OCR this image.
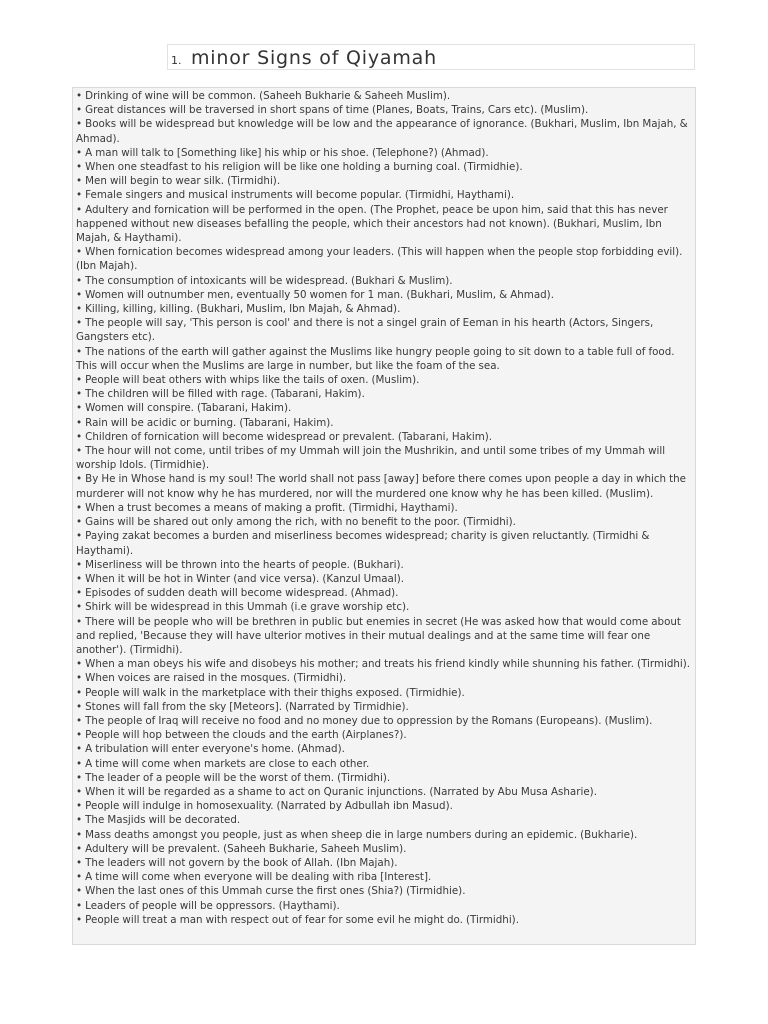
1. minor Signs of Qiyamah
• Drinking of wine will be common. (Saheeh Bukharie & Saheeh Muslim).
• Great distances will be traversed in short spans of time (Planes, Boats, Trains, Cars etc). (Muslim).
• Books will be widespread but knowledge will be low and the appearance of ignorance. (Bukhari, Muslim, Ibn Majah, & Ahmad).
• A man will talk to [Something like] his whip or his shoe. (Telephone?) (Ahmad).
• When one steadfast to his religion will be like one holding a burning coal. (Tirmidhie).
• Men will begin to wear silk. (Tirmidhi).
• Female singers and musical instruments will become popular. (Tirmidhi, Haythami).
• Adultery and fornication will be performed in the open. (The Prophet, peace be upon him, said that this has never happened without new diseases befalling the people, which their ancestors had not known). (Bukhari, Muslim, Ibn Majah, & Haythami).
• When fornication becomes widespread among your leaders. (This will happen when the people stop forbidding evil). (Ibn Majah).
• The consumption of intoxicants will be widespread. (Bukhari & Muslim).
• Women will outnumber men, eventually 50 women for 1 man. (Bukhari, Muslim, & Ahmad).
• Killing, killing, killing. (Bukhari, Muslim, Ibn Majah, & Ahmad).
• The people will say, 'This person is cool' and there is not a singel grain of Eeman in his hearth (Actors, Singers, Gangsters etc).
• The nations of the earth will gather against the Muslims like hungry people going to sit down to a table full of food. This will occur when the Muslims are large in number, but like the foam of the sea.
• People will beat others with whips like the tails of oxen. (Muslim).
• The children will be filled with rage. (Tabarani, Hakim).
• Women will conspire. (Tabarani, Hakim).
• Rain will be acidic or burning. (Tabarani, Hakim).
• Children of fornication will become widespread or prevalent. (Tabarani, Hakim).
• The hour will not come, until tribes of my Ummah will join the Mushrikin, and until some tribes of my Ummah will worship Idols. (Tirmidhie).
• By He in Whose hand is my soul! The world shall not pass [away] before there comes upon people a day in which the murderer will not know why he has murdered, nor will the murdered one know why he has been killed. (Muslim).
• When a trust becomes a means of making a profit. (Tirmidhi, Haythami).
• Gains will be shared out only among the rich, with no benefit to the poor. (Tirmidhi).
• Paying zakat becomes a burden and miserliness becomes widespread; charity is given reluctantly. (Tirmidhi & Haythami).
• Miserliness will be thrown into the hearts of people. (Bukhari).
• When it will be hot in Winter (and vice versa). (Kanzul Umaal).
• Episodes of sudden death will become widespread. (Ahmad).
• Shirk will be widespread in this Ummah (i.e grave worship etc).
• There will be people who will be brethren in public but enemies in secret (He was asked how that would come about and replied, 'Because they will have ulterior motives in their mutual dealings and at the same time will fear one another'). (Tirmidhi).
• When a man obeys his wife and disobeys his mother; and treats his friend kindly while shunning his father. (Tirmidhi).
• When voices are raised in the mosques. (Tirmidhi).
• People will walk in the marketplace with their thighs exposed. (Tirmidhie).
• Stones will fall from the sky [Meteors]. (Narrated by Tirmidhie).
• The people of Iraq will receive no food and no money due to oppression by the Romans (Europeans). (Muslim).
• People will hop between the clouds and the earth (Airplanes?).
• A tribulation will enter everyone's home. (Ahmad).
• A time will come when markets are close to each other.
• The leader of a people will be the worst of them. (Tirmidhi).
• When it will be regarded as a shame to act on Quranic injunctions. (Narrated by Abu Musa Asharie).
• People will indulge in homosexuality. (Narrated by Adbullah ibn Masud).
• The Masjids will be decorated.
• Mass deaths amongst you people, just as when sheep die in large numbers during an epidemic. (Bukharie).
• Adultery will be prevalent. (Saheeh Bukharie, Saheeh Muslim).
• The leaders will not govern by the book of Allah. (Ibn Majah).
• A time will come when everyone will be dealing with riba [Interest].
• When the last ones of this Ummah curse the first ones (Shia?) (Tirmidhie).
• Leaders of people will be oppressors. (Haythami).
• People will treat a man with respect out of fear for some evil he might do. (Tirmidhi).
